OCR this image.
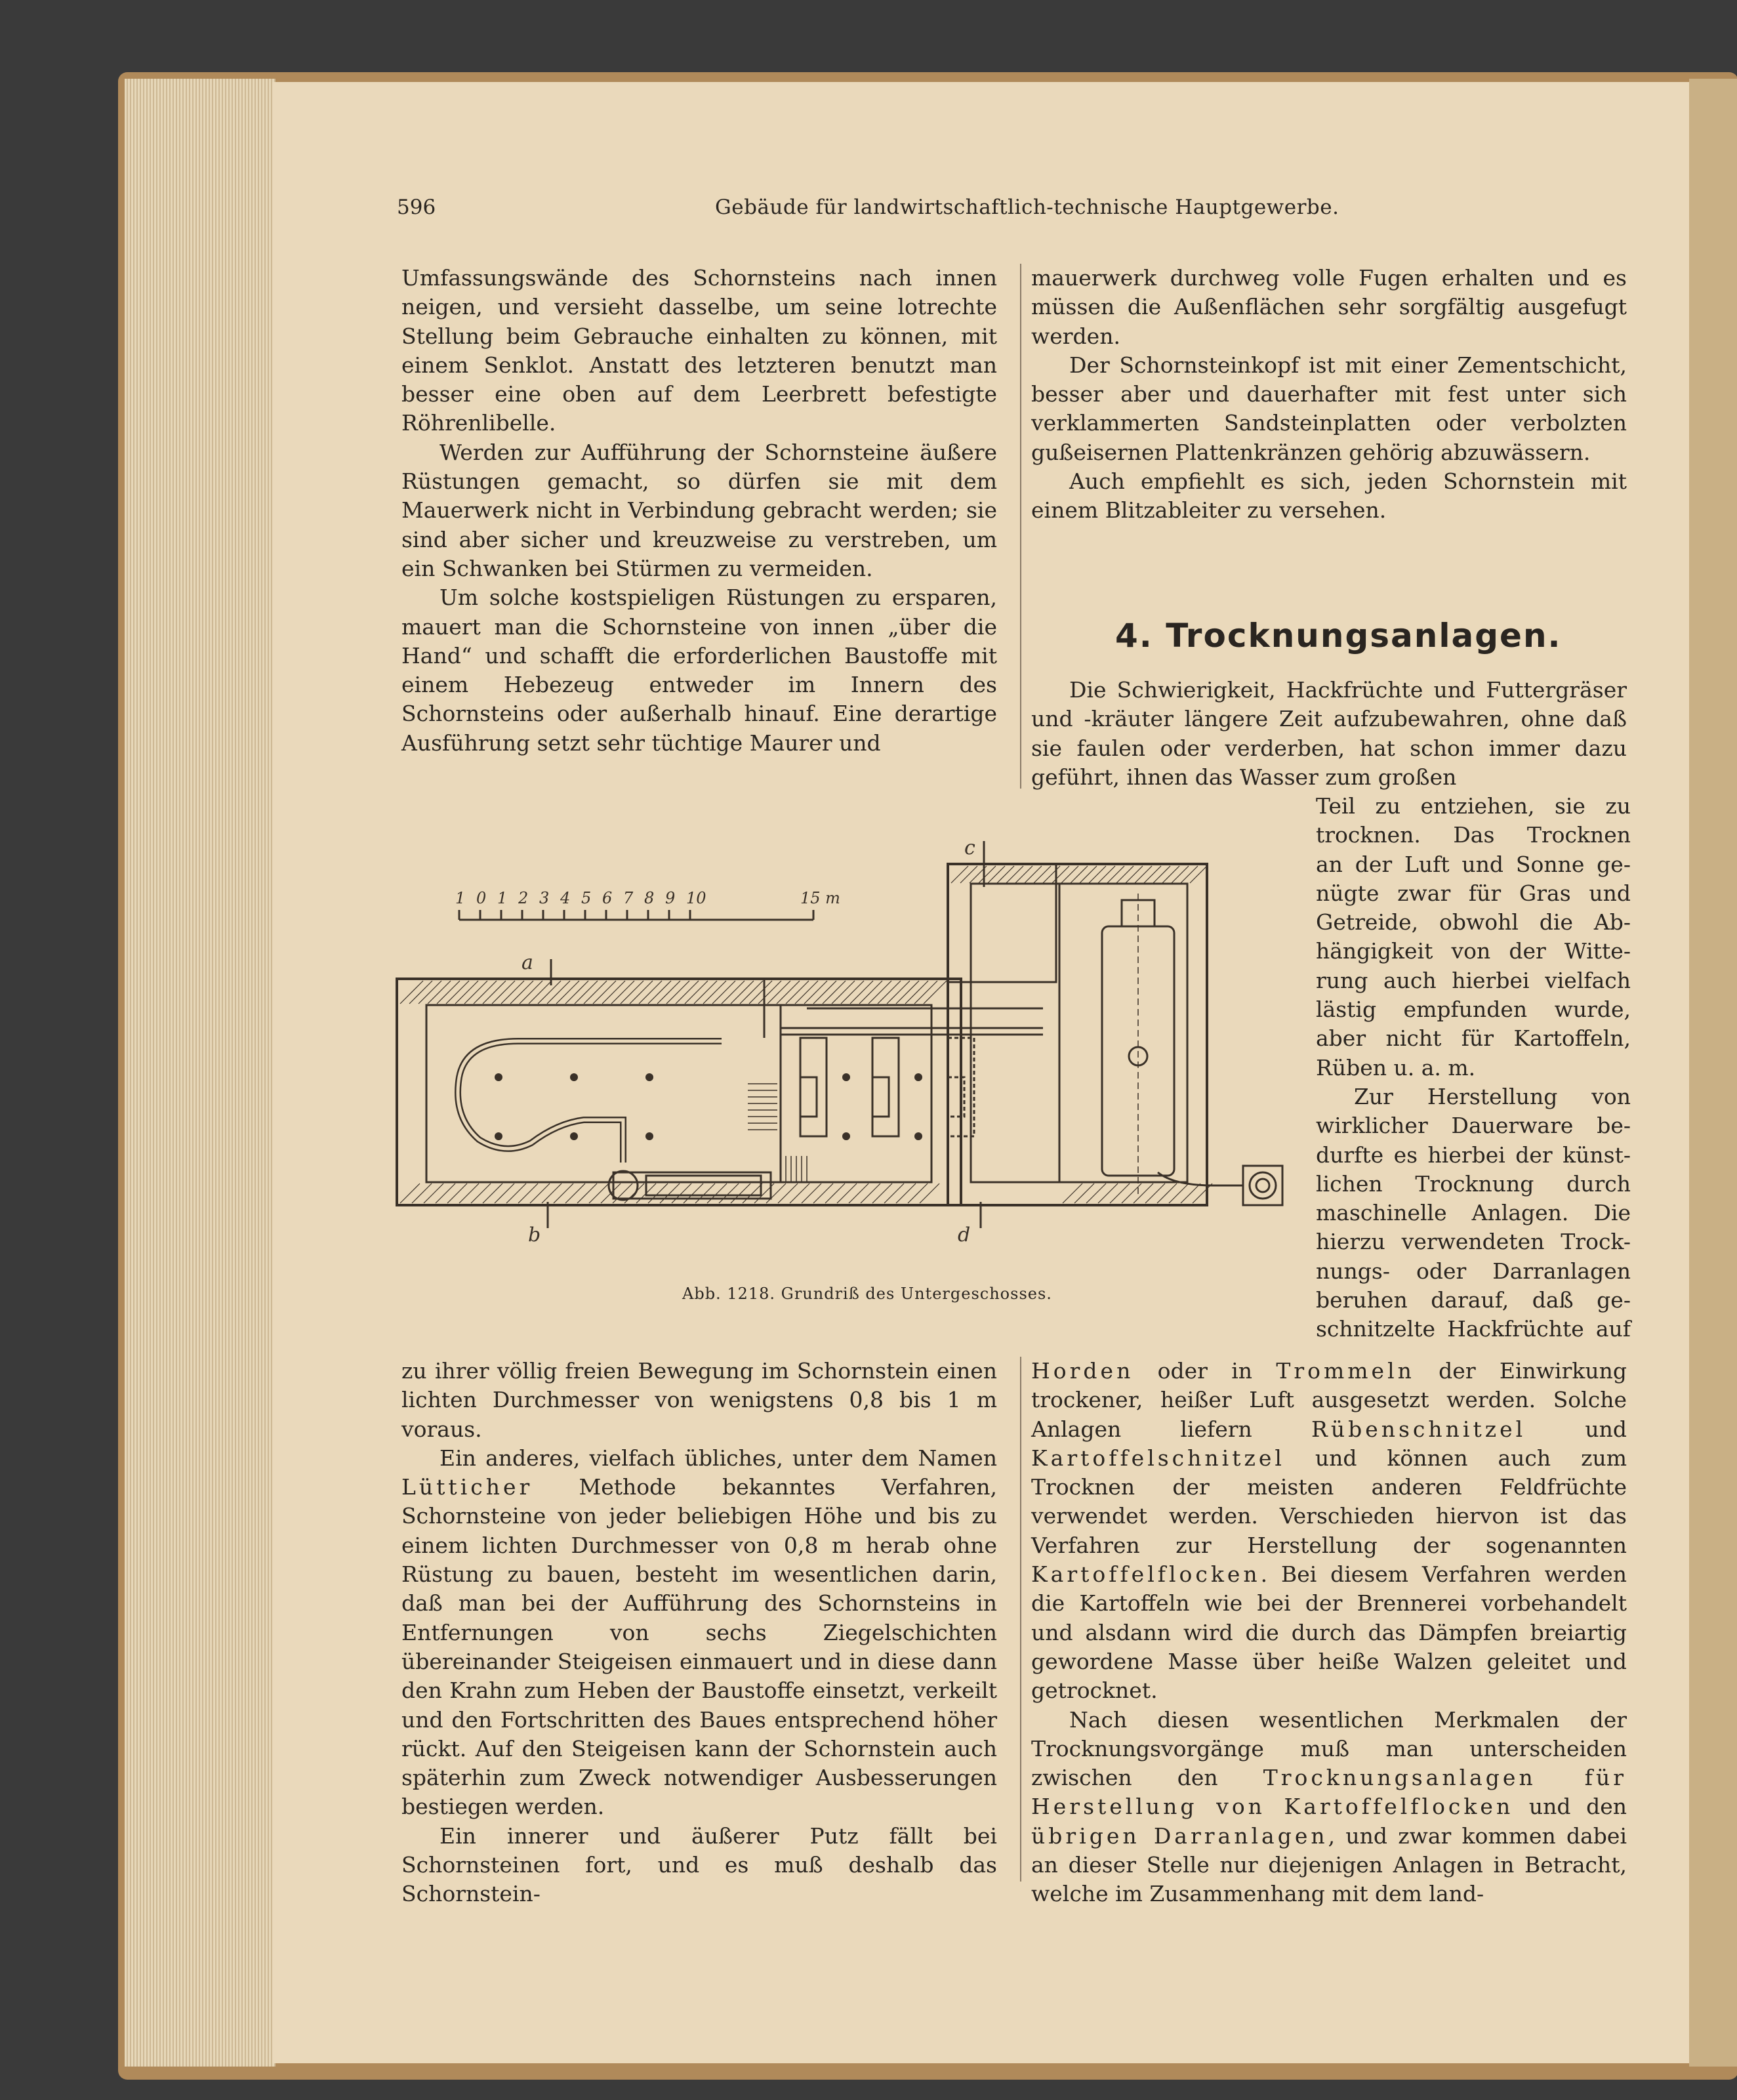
596	Gebäude für landwirtschaftlich-technische Hauptgewerbe.

Umfassungswände des Schornsteins nach innen neigen, und versieht dasselbe, um seine lotrechte Stellung beim Gebrauche einhalten zu können, mit einem Senklot. Anstatt des letzteren benutzt man besser eine oben auf dem Leerbrett befestigte Röhrenlibelle.

Werden zur Aufführung der Schornsteine äußere Rüstungen gemacht, so dürfen sie mit dem Mauerwerk nicht in Verbindung gebracht werden; sie sind aber sicher und kreuzweise zu verstreben, um ein Schwanken bei Stürmen zu vermeiden.

Um solche kostspieligen Rüstungen zu ersparen, mauert man die Schornsteine von innen „über die Hand“ und schafft die erforderlichen Baustoffe mit einem Hebezeug entweder im Innern des Schornsteins oder außerhalb hinauf. Eine derartige Ausführung setzt sehr tüchtige Maurer und

mauerwerk durchweg volle Fugen erhalten und es müssen die Außenflächen sehr sorgfältig ausgefugt werden.

Der Schornsteinkopf ist mit einer Zementschicht, besser aber und dauerhafter mit fest unter sich verklammerten Sandsteinplatten oder verbolzten gußeisernen Plattenkränzen gehörig abzuwässern.

Auch empfiehlt es sich, jeden Schornstein mit einem Blitzableiter zu versehen.

4. Trocknungsanlagen.

Die Schwierigkeit, Hackfrüchte und Futtergräser und -kräuter längere Zeit aufzubewahren, ohne daß sie faulen oder verderben, hat schon immer dazu geführt, ihnen das Wasser zum großen

Teil zu entziehen, sie zu

trocknen. Das Trocknen

an der Luft und Sonne ge-

nügte zwar für Gras und

Getreide, obwohl die Ab-

hängigkeit von der Witte-

rung auch hierbei vielfach

lästig empfunden wurde,

aber nicht für Kartoffeln,

Rüben u. a. m.

Zur Herstellung von

wirklicher Dauerware be-

durfte es hierbei der künst-

lichen Trocknung durch

maschinelle Anlagen. Die

hierzu verwendeten Trock-

nungs- oder Darranlagen

beruhen darauf, daß ge-

schnitzelte Hackfrüchte auf

1 0 1 2 3 4 5 6 7 8 9 10	15 m
a
b
c
d
Abb. 1218. Grundriß des Untergeschosses.

zu ihrer völlig freien Bewegung im Schornstein einen lichten Durchmesser von wenigstens 0,8 bis 1 m voraus.

Ein anderes, vielfach übliches, unter dem Namen Lütticher Methode bekanntes Verfahren, Schornsteine von jeder beliebigen Höhe und bis zu einem lichten Durchmesser von 0,8 m herab ohne Rüstung zu bauen, besteht im wesentlichen darin, daß man bei der Aufführung des Schornsteins in Entfernungen von sechs Ziegelschichten übereinander Steigeisen einmauert und in diese dann den Krahn zum Heben der Baustoffe einsetzt, verkeilt und den Fortschritten des Baues entsprechend höher rückt. Auf den Steigeisen kann der Schornstein auch späterhin zum Zweck notwendiger Ausbesserungen bestiegen werden.

Ein innerer und äußerer Putz fällt bei Schornsteinen fort, und es muß deshalb das Schornstein-

Horden oder in Trommeln der Einwirkung trockener, heißer Luft ausgesetzt werden. Solche Anlagen liefern Rübenschnitzel und Kartoffelschnitzel und können auch zum Trocknen der meisten anderen Feldfrüchte verwendet werden. Verschieden hiervon ist das Verfahren zur Herstellung der sogenannten Kartoffelflocken. Bei diesem Verfahren werden die Kartoffeln wie bei der Brennerei vorbehandelt und alsdann wird die durch das Dämpfen breiartig gewordene Masse über heiße Walzen geleitet und getrocknet.

Nach diesen wesentlichen Merkmalen der Trocknungsvorgänge muß man unterscheiden zwischen den Trocknungsanlagen für Herstellung von Kartoffelflocken und den übrigen Darranlagen, und zwar kommen dabei an dieser Stelle nur diejenigen Anlagen in Betracht, welche im Zusammenhang mit dem land-
